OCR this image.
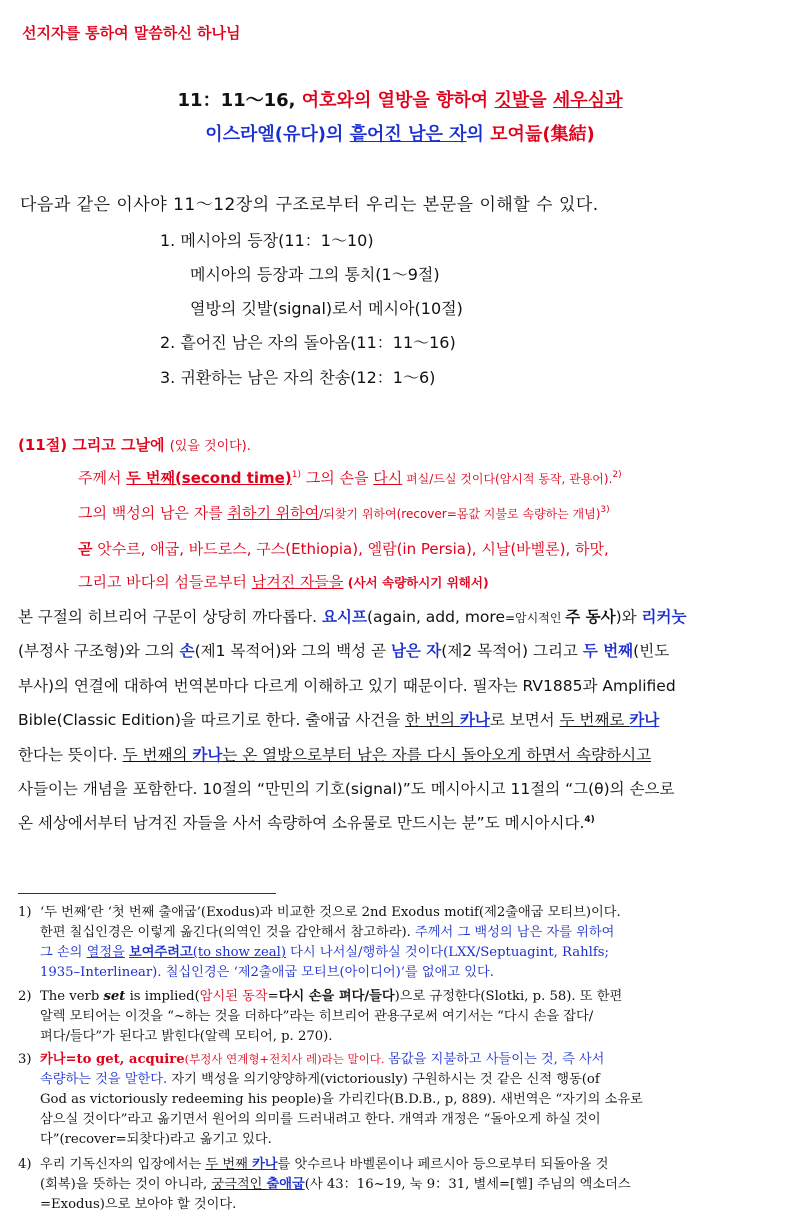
선지자를 통하여 말씀하신 하나님
11：11～16, 여호와의 열방을 향하여 깃발을 세우심과
이스라엘(유다)의 흩어진 남은 자의 모여듦(集結)
다음과 같은 이사야 11～12장의 구조로부터 우리는 본문을 이해할 수 있다.
1. 메시아의 등장(11：1～10)
메시아의 등장과 그의 통치(1～9절)
열방의 깃발(signal)로서 메시아(10절)
2. 흩어진 남은 자의 돌아옴(11：11～16)
3. 귀환하는 남은 자의 찬송(12：1～6)
(11절) 그리고 그날에 (있을 것이다).
주께서 두 번째(second time)$^{1)}$ 그의 손을 다시 펴실/드실 것이다(암시적 동작, 관용어).$^{2)}$
그의 백성의 남은 자를 취하기 위하여/되찾기 위하여(recover=몸값 지불로 속량하는 개념)$^{3)}$
곧 앗수르, 애굽, 바드로스, 구스(Ethiopia), 엘람(in Persia), 시날(바벨론), 하맛,
그리고 바다의 섬들로부터 남겨진 자들을 (사서 속량하시기 위해서)
본 구절의 히브리어 구문이 상당히 까다롭다. 요시프(again, add, more=암시적인 주 동사)와 리커눗
(부정사 구조형)와 그의 손(제1 목적어)와 그의 백성 곧 남은 자(제2 목적어) 그리고 두 번째(빈도
부사)의 연결에 대하여 번역본마다 다르게 이해하고 있기 때문이다. 필자는 RV1885과 Amplified
Bible(Classic Edition)을 따르기로 한다. 출애굽 사건을 한 번의 카나로 보면서 두 번째로 카나
한다는 뜻이다. 두 번째의 카나는 온 열방으로부터 남은 자를 다시 돌아오게 하면서 속량하시고
사들이는 개념을 포함한다. 10절의 “만민의 기호(signal)”도 메시아시고 11절의 “그(θ)의 손으로
온 세상에서부터 남겨진 자들을 사서 속량하여 소유물로 만드시는 분”도 메시아시다.$^{4)}$
1) ‘두 번째’란 ‘첫 번째 출애굽’(Exodus)과 비교한 것으로 2nd Exodus motif(제2출애굽 모티브)이다.
한편 칠십인경은 이렇게 옮긴다(의역인 것을 감안해서 참고하라). 주께서 그 백성의 남은 자를 위하여
그 손의 열정을 보여주려고(to show zeal) 다시 나서실/행하실 것이다(LXX/Septuagint, Rahlfs;
1935–Interlinear). 칠십인경은 ‘제2출애굽 모티브(아이디어)’를 없애고 있다.
2) The verb set is implied(암시된 동작=다시 손을 펴다/들다)으로 규정한다(Slotki, p. 58). 또 한편
알렉 모티어는 이것을 “~하는 것을 더하다”라는 히브리어 관용구로써 여기서는 “다시 손을 잡다/
펴다/들다”가 된다고 밝힌다(알렉 모티어, p. 270).
3) 카나=to get, acquire(부정사 연계형+전치사 레)라는 말이다. 몸값을 지불하고 사들이는 것, 즉 사서
속량하는 것을 말한다. 자기 백성을 의기양양하게(victoriously) 구원하시는 것 같은 신적 행동(of
God as victoriously redeeming his people)을 가리킨다(B.D.B., p, 889). 새번역은 “자기의 소유로
삼으실 것이다”라고 옮기면서 원어의 의미를 드러내려고 한다. 개역과 개정은 “돌아오게 하실 것이
다”(recover=되찾다)라고 옮기고 있다.
4) 우리 기독신자의 입장에서는 두 번째 카나를 앗수르나 바벨론이나 페르시아 등으로부터 되돌아올 것
(회복)을 뜻하는 것이 아니라, 궁극적인 출애굽(사 43：16~19, 눅 9：31, 별세=[헬] 주님의 엑소더스
=Exodus)으로 보아야 할 것이다.
